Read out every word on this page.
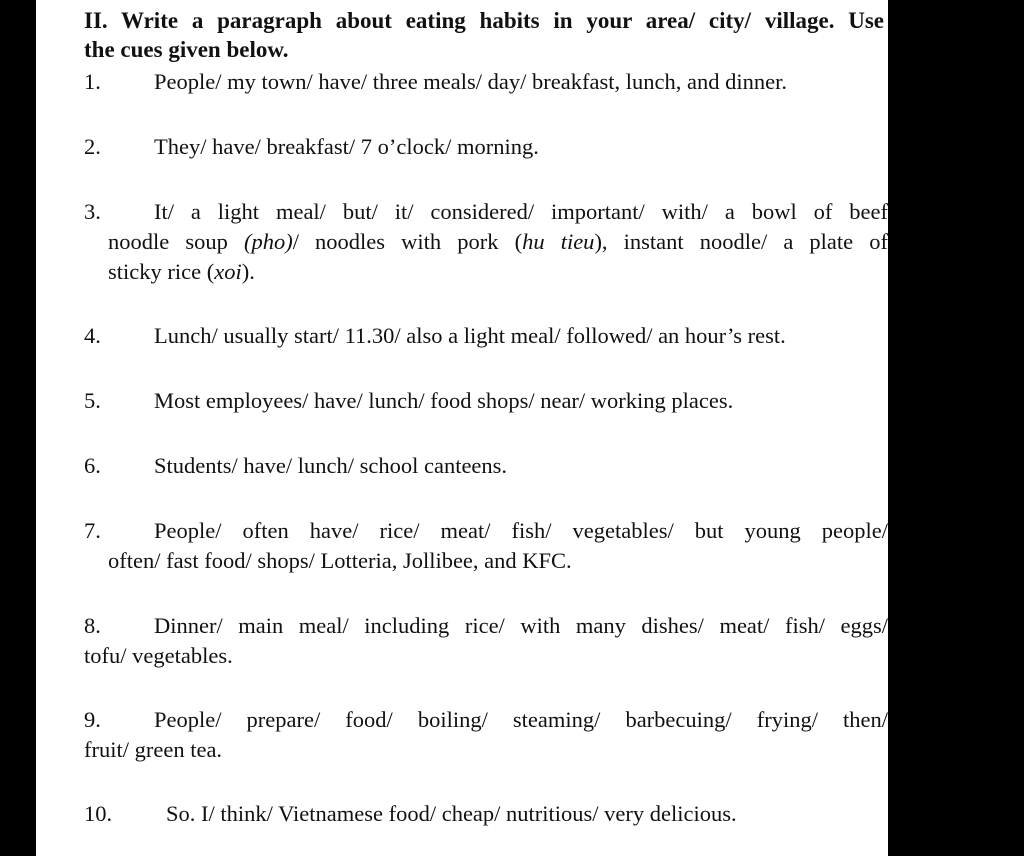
II. Write a paragraph about eating habits in your area/ city/ village. Use
the cues given below.
1. People/ my town/ have/ three meals/ day/ breakfast, lunch, and dinner.
2. They/ have/ breakfast/ 7 o’clock/ morning.
3. It/ a light meal/ but/ it/ considered/ important/ with/ a bowl of beef
noodle soup (pho)/ noodles with pork (hu tieu), instant noodle/ a plate of
sticky rice (xoi).
4. Lunch/ usually start/ 11.30/ also a light meal/ followed/ an hour’s rest.
5. Most employees/ have/ lunch/ food shops/ near/ working places.
6. Students/ have/ lunch/ school canteens.
7. People/ often have/ rice/ meat/ fish/ vegetables/ but young people/
often/ fast food/ shops/ Lotteria, Jollibee, and KFC.
8. Dinner/ main meal/ including rice/ with many dishes/ meat/ fish/ eggs/
tofu/ vegetables.
9. People/ prepare/ food/ boiling/ steaming/ barbecuing/ frying/ then/
fruit/ green tea.
10. So. I/ think/ Vietnamese food/ cheap/ nutritious/ very delicious.
